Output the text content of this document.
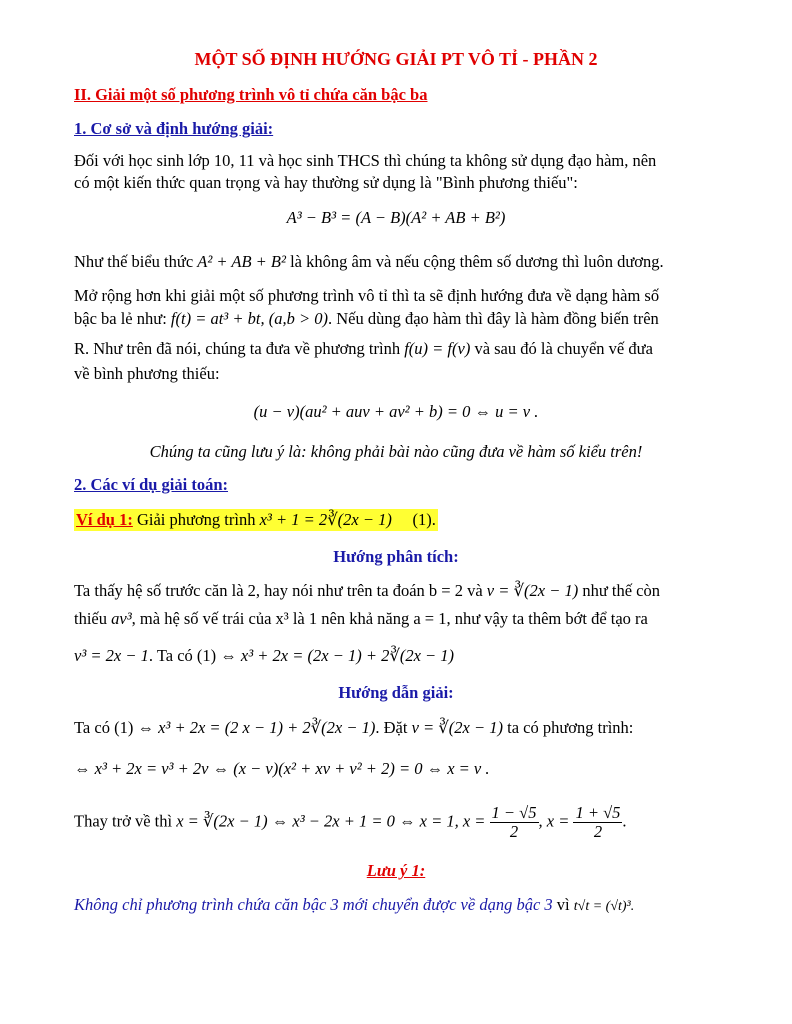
MỘT SỐ ĐỊNH HƯỚNG GIẢI PT VÔ TỈ - PHẦN 2
II. Giải một số phương trình vô tỉ chứa căn bậc ba
1. Cơ sở và định hướng giải:
Đối với học sinh lớp 10, 11 và học sinh THCS thì chúng ta không sử dụng đạo hàm, nên
có một kiến thức quan trọng và hay thường sử dụng là "Bình phương thiếu":
A³ − B³ = (A − B)(A² + AB + B²)
Như thế biểu thức A² + AB + B² là không âm và nếu cộng thêm số dương thì luôn dương.
Mở rộng hơn khi giải một số phương trình vô tỉ thì ta sẽ định hướng đưa về dạng hàm số
bậc ba lẻ như: f(t) = at³ + bt, (a,b > 0). Nếu dùng đạo hàm thì đây là hàm đồng biến trên
R. Như trên đã nói, chúng ta đưa về phương trình f(u) = f(v) và sau đó là chuyển vế đưa
về bình phương thiếu:
(u − v)(au² + auv + av² + b) = 0 ⇔ u = v .
Chúng ta cũng lưu ý là: không phải bài nào cũng đưa về hàm số kiểu trên!
2. Các ví dụ giải toán:
Ví dụ 1: Giải phương trình x³ + 1 = 2∛(2x − 1) (1).
Hướng phân tích:
Ta thấy hệ số trước căn là 2, hay nói như trên ta đoán b = 2 và v = ∛(2x − 1) như thế còn
thiếu av³, mà hệ số vế trái của x³ là 1 nên khả năng a = 1, như vậy ta thêm bớt để tạo ra
v³ = 2x − 1. Ta có (1) ⇔ x³ + 2x = (2x − 1) + 2∛(2x − 1)
Hướng dẫn giải:
Ta có (1) ⇔ x³ + 2x = (2 x − 1) + 2∛(2x − 1). Đặt v = ∛(2x − 1) ta có phương trình:
⇔ x³ + 2x = v³ + 2v ⇔ (x − v)(x² + xv + v² + 2) = 0 ⇔ x = v .
Thay trở về thì x = ∛(2x − 1) ⇔ x³ − 2x + 1 = 0 ⇔ x = 1, $x = \frac{1 - √5}{2}$ , $x = \frac{1 + √5}{2}$ .
Lưu ý 1:
Không chỉ phương trình chứa căn bậc 3 mới chuyển được về dạng bậc 3 vì t√t = (√t)³.
